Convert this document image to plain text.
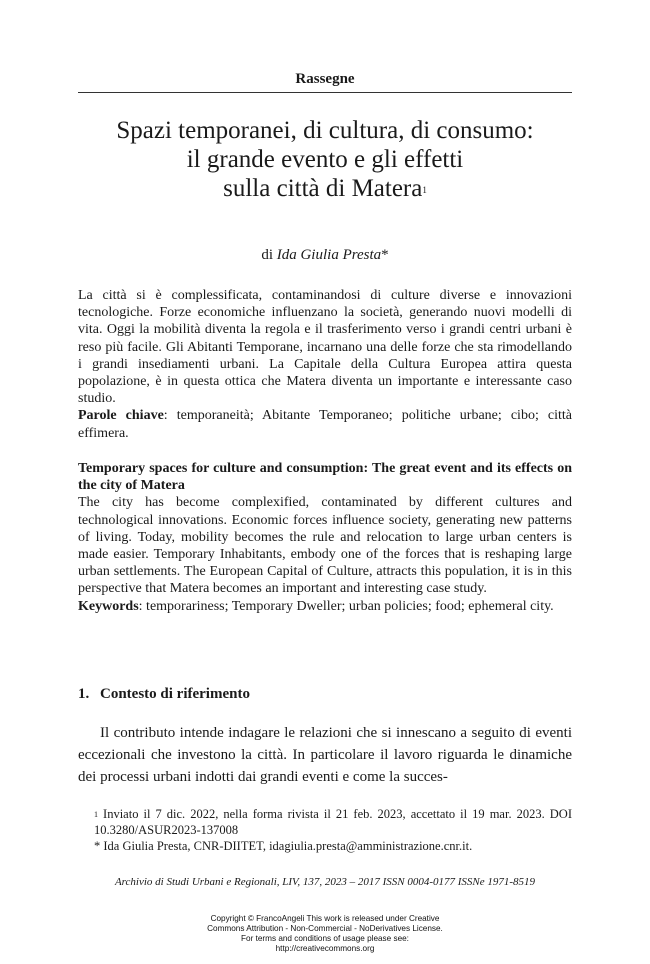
Rassegne
Spazi temporanei, di cultura, di consumo:
il grande evento e gli effetti
sulla città di Matera$^1$
di Ida Giulia Presta*

La città si è complessificata, contaminandosi di culture diverse e innovazioni tecnologiche. Forze economiche influenzano la società, generando nuovi modelli di vita. Oggi la mobilità diventa la regola e il trasferimento verso i grandi centri urbani è reso più facile. Gli Abitanti Temporane, incarnano una delle forze che sta rimodellando i grandi insediamenti urbani. La Capitale della Cultura Europea attira questa popolazione, è in questa ottica che Matera diventa un importante e interessante caso studio.

Parole chiave: temporaneità; Abitante Temporaneo; politiche urbane; cibo; città effimera.

Temporary spaces for culture and consumption: The great event and its effects on the city of Matera

The city has become complexified, contaminated by different cultures and technological innovations. Economic forces influence society, generating new patterns of living. Today, mobility becomes the rule and relocation to large urban centers is made easier. Temporary Inhabitants, embody one of the forces that is reshaping large urban settlements. The European Capital of Culture, attracts this population, it is in this perspective that Matera becomes an important and interesting case study.

Keywords: temporariness; Temporary Dweller; urban policies; food; ephemeral city.

1. Contesto di riferimento

Il contributo intende indagare le relazioni che si innescano a seguito di eventi eccezionali che investono la città. In particolare il lavoro riguarda le dinamiche dei processi urbani indotti dai grandi eventi e come la succes-

$^1$ Inviato il 7 dic. 2022, nella forma rivista il 21 feb. 2023, accettato il 19 mar. 2023. DOI 10.3280/ASUR2023-137008

* Ida Giulia Presta, CNR-DIITET, idagiulia.presta@amministrazione.cnr.it.

Archivio di Studi Urbani e Regionali, LIV, 137, 2023 – 2017 ISSN 0004-0177 ISSNe 1971-8519

Copyright © FrancoAngeli This work is released under Creative

Commons Attribution - Non-Commercial - NoDerivatives License.

For terms and conditions of usage please see:

http://creativecommons.org
